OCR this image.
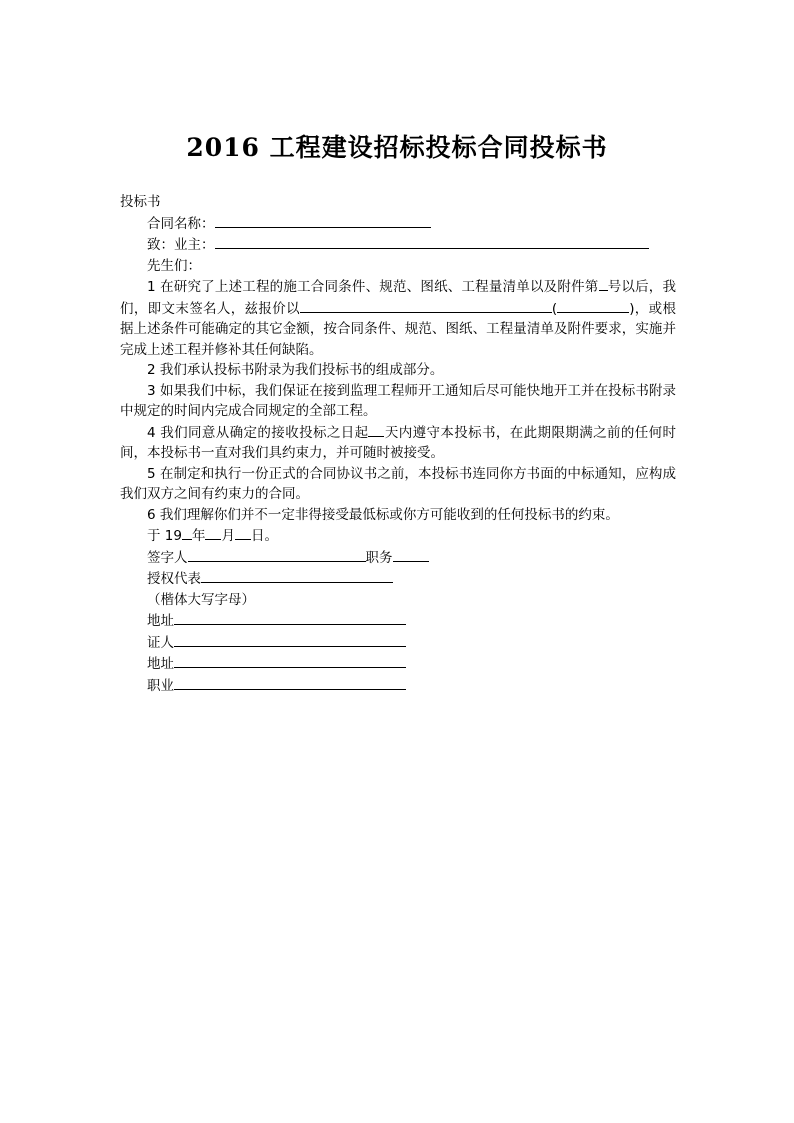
2016 工程建设招标投标合同投标书
投标书
合同名称：
致：业主：
先生们：
1 在研究了上述工程的施工合同条件、规范、图纸、工程量清单以及附件第 号以后，我们，即文末签名人，兹报价以	(	)，或根据上述条件可能确定的其它金额，按合同条件、规范、图纸、工程量清单及附件要求，实施并完成上述工程并修补其任何缺陷。
2 我们承认投标书附录为我们投标书的组成部分。
3 如果我们中标，我们保证在接到监理工程师开工通知后尽可能快地开工并在投标书附录中规定的时间内完成合同规定的全部工程。
4 我们同意从确定的接收投标之日起 天内遵守本投标书，在此期限期满之前的任何时间，本投标书一直对我们具约束力，并可随时被接受。
5 在制定和执行一份正式的合同协议书之前，本投标书连同你方书面的中标通知，应构成我们双方之间有约束力的合同。
6 我们理解你们并不一定非得接受最低标或你方可能收到的任何投标书的约束。
于 19 年 月 日。
签字人	职务
授权代表
（楷体大写字母）
地址
证人
地址
职业
